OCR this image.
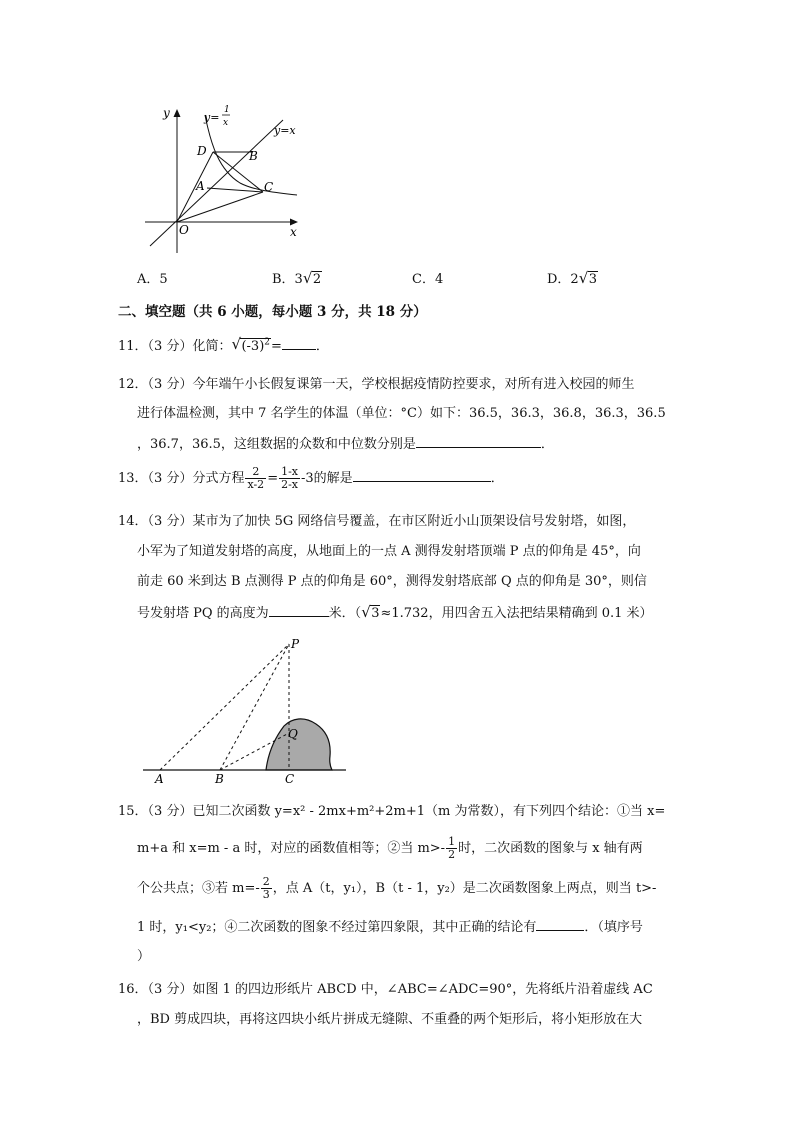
y
x
O
y=
1
x
y=x
D	B
A	C
A．5	B．3 √ 2	C．4	D．2 √ 3
二、填空题（共 6 小题，每小题 3 分，共 18 分）
11．（3 分）化简： √ $(-3)^2=$	．
12．（3 分）今年端午小长假复课第一天，学校根据疫情防控要求，对所有进入校园的师生
进行体温检测，其中 7 名学生的体温（单位：°C）如下：36.5，36.3，36.8，36.3，36.5
，36.7，36.5，这组数据的众数和中位数分别是	．
13．（3 分）分式方程 $\frac{2}{x-2} = \frac{1-x}{2-x} -3$的解是	．
14．（3 分）某市为了加快 5G 网络信号覆盖，在市区附近小山顶架设信号发射塔，如图，
小军为了知道发射塔的高度，从地面上的一点 A 测得发射塔顶端 P 点的仰角是 45°，向
前走 60 米到达 B 点测得 P 点的仰角是 60°，测得发射塔底部 Q 点的仰角是 30°，则信
号发射塔 PQ 的高度为	米．（ √ 3≈1.732，用四舍五入法把结果精确到 0.1 米）
P
Q
A	B	C
15．（3 分）已知二次函数 y=x² - 2mx+m²+2m+1（m 为常数），有下列四个结论：①当 x=
m+a 和 x=m - a 时，对应的函数值相等；②当 $m>- \frac{1}{2}$ 时，二次函数的图象与 x 轴有两
个公共点；③若 $m=- \frac{2}{3}$ ，点 A（t，y₁），B（t - 1，y₂）是二次函数图象上两点，则当 t>-
1 时，y₁<y₂；④二次函数的图象不经过第四象限，其中正确的结论有	．（填序号
）
16．（3 分）如图 1 的四边形纸片 ABCD 中，∠ABC=∠ADC=90°，先将纸片沿着虚线 AC
，BD 剪成四块，再将这四块小纸片拼成无缝隙、不重叠的两个矩形后，将小矩形放在大
